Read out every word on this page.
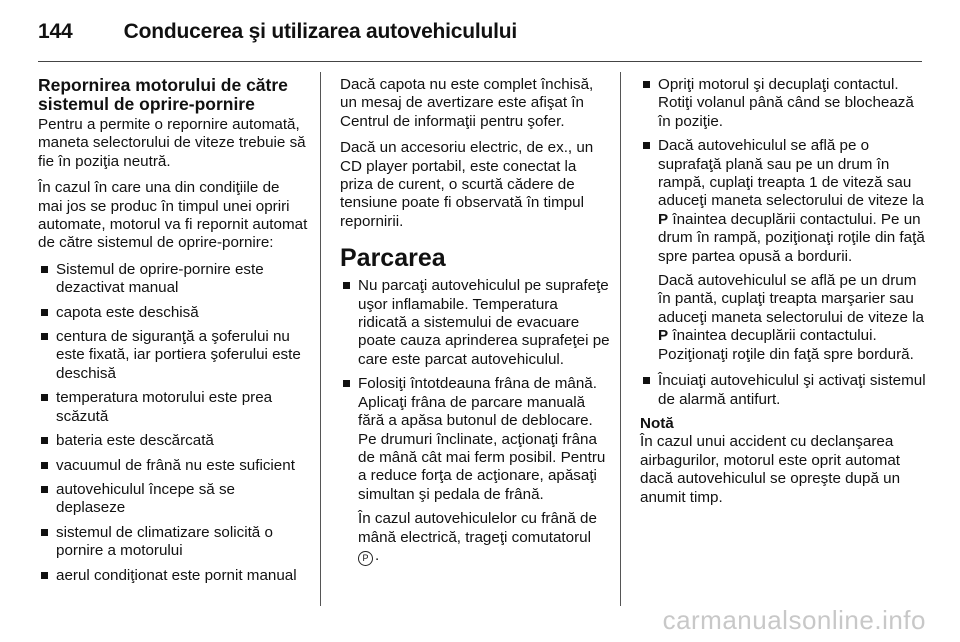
144 Conducerea şi utilizarea autovehiculului
Repornirea motorului de către sistemul de oprire-pornire

Pentru a permite o repornire automată, maneta selectorului de viteze trebuie să fie în poziţia neutră.

În cazul în care una din condiţiile de mai jos se produc în timpul unei opriri automate, motorul va fi repornit automat de către sistemul de oprire-pornire:

Sistemul de oprire-pornire este dezactivat manual
capota este deschisă
centura de siguranţă a şoferului nu este fixată, iar portiera şoferului este deschisă
temperatura motorului este prea scăzută
bateria este descărcată
vacuumul de frână nu este suficient
autovehiculul începe să se deplaseze
sistemul de climatizare solicită o pornire a motorului
aerul condiţionat este pornit manual

Dacă capota nu este complet închisă, un mesaj de avertizare este afişat în Centrul de informaţii pentru şofer.

Dacă un accesoriu electric, de ex., un CD player portabil, este conectat la priza de curent, o scurtă cădere de tensiune poate fi observată în timpul repornirii.

Parcarea
Nu parcaţi autovehiculul pe suprafeţe uşor inflamabile. Temperatura ridicată a sistemului de evacuare poate cauza aprinderea suprafeţei pe care este parcat autovehiculul.
Folosiţi întotdeauna frâna de mână. Aplicaţi frâna de parcare manuală fără a apăsa butonul de deblocare. Pe drumuri înclinate, acţionaţi frâna de mână cât mai ferm posibil. Pentru a reduce forţa de acţionare, apăsaţi simultan şi pedala de frână.

În cazul autovehiculelor cu frână de mână electrică, trageţi comutatorul P .

Opriţi motorul şi decuplaţi contactul. Rotiţi volanul până când se blochează în poziţie.
Dacă autovehiculul se află pe o suprafaţă plană sau pe un drum în rampă, cuplaţi treapta 1 de viteză sau aduceţi maneta selectorului de viteze la P înaintea decuplării contactului. Pe un drum în rampă, poziţionaţi roţile din faţă spre partea opusă a bordurii.

Dacă autovehiculul se află pe un drum în pantă, cuplaţi treapta marşarier sau aduceţi maneta selectorului de viteze la P înaintea decuplării contactului. Poziţionaţi roţile din faţă spre bordură.

Încuiaţi autovehiculul şi activaţi sistemul de alarmă antifurt.
Notă

În cazul unui accident cu declanşarea airbagurilor, motorul este oprit automat dacă autovehiculul se opreşte după un anumit timp.

carmanualsonline.info
